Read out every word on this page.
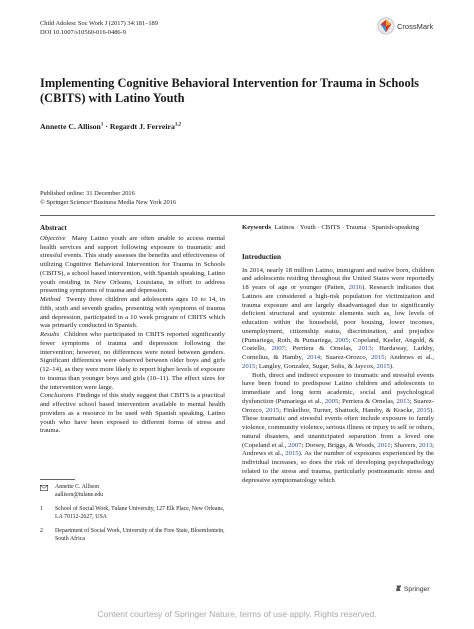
Child Adolesc Soc Work J (2017) 34:181–189
DOI 10.1007/s10560-016-0486-9
CrossMark
Implementing Cognitive Behavioral Intervention for Trauma in Schools (CBITS) with Latino Youth
Annette C. Allison$^1$ · Regardt J. Ferreira$^{1,2}$
Published online: 31 December 2016
© Springer Science+Business Media New York 2016
Abstract

Objective Many Latino youth are often unable to access mental health services and support following exposure to traumatic and stressful events. This study assesses the benefits and effectiveness of utilizing Cognitive Behavioral Intervention for Trauma in Schools (CBITS), a school based intervention, with Spanish speaking, Latino youth residing in New Orleans, Louisiana, in effort to address presenting symptoms of trauma and depression.

Method Twenty three children and adolescents ages 10 to 14, in fifth, sixth and seventh grades, presenting with symptoms of trauma and depression, participated in a 10 week program of CBITS which was primarily conducted in Spanish.

Results Children who participated in CBITS reported significantly fewer symptoms of trauma and depression following the intervention; however, no differences were noted between genders. Significant differences were observed between older boys and girls (12–14), as they were more likely to report higher levels of exposure to trauma than younger boys and girls (10–11). The effect sizes for the intervention were large.

Conclusions Findings of this study suggest that CBITS is a practical and effective school based intervention available to mental health providers as a resource to be used with Spanish speaking, Latino youth who have been exposed to different forms of stress and trauma.

Annette C. Allison
aallison@tulane.edu
1 School of Social Work, Tulane University, 127 Elk Place, New Orleans, LA 70112-2627, USA
2 Department of Social Work, University of the Free State, Bloemfontein, South Africa

Keywords Latinos · Youth · CBITS · Trauma · Spanish-speaking

Introduction

In 2014, nearly 18 million Latino, immigrant and native born, children and adolescents residing throughout the United States were reportedly 18 years of age or younger (Patten, 2016). Research indicates that Latinos are considered a high-risk population for victimization and trauma exposure and are largely disadvantaged due to significantly deficient structural and systemic elements such as, low levels of education within the household, poor housing, lower incomes, unemployment, citizenship status, discrimination, and prejudice (Pumariega, Roth, & Pumariega, 2005; Copeland, Keeler, Angold, & Costello, 2007; Perriera & Ornelas, 2013; Hardaway, Larkby, Cornelius, & Hamby, 2014; Suarez-Orozco, 2015; Andrews et al., 2015; Langley, Gonzalez, Sugar, Solis, & Jaycox, 2015).

Both, direct and indirect exposure to traumatic and stressful events have been found to predispose Latino children and adolescents to immediate and long term academic, social and psychological dysfunction (Pumariega et al., 2005; Perriera & Ornelas, 2013; Suarez-Orozco, 2015; Finkelhor, Turner, Shattuck, Hamby, & Kracke, 2015). These traumatic and stressful events often include exposure to family violence, community violence, serious illness or injury to self or others, natural disasters, and unanticipated separation from a loved one (Copeland et al., 2007; Dorsey, Briggs, & Woods, 2011; Shavers, 2013; Andrews et al., 2015). As the number of exposures experienced by the individual increases, so does the risk of developing psychopathology related to the stress and trauma, particularly posttraumatic stress and depressive symptomatology which

Springer
Content courtesy of Springer Nature, terms of use apply. Rights reserved.
